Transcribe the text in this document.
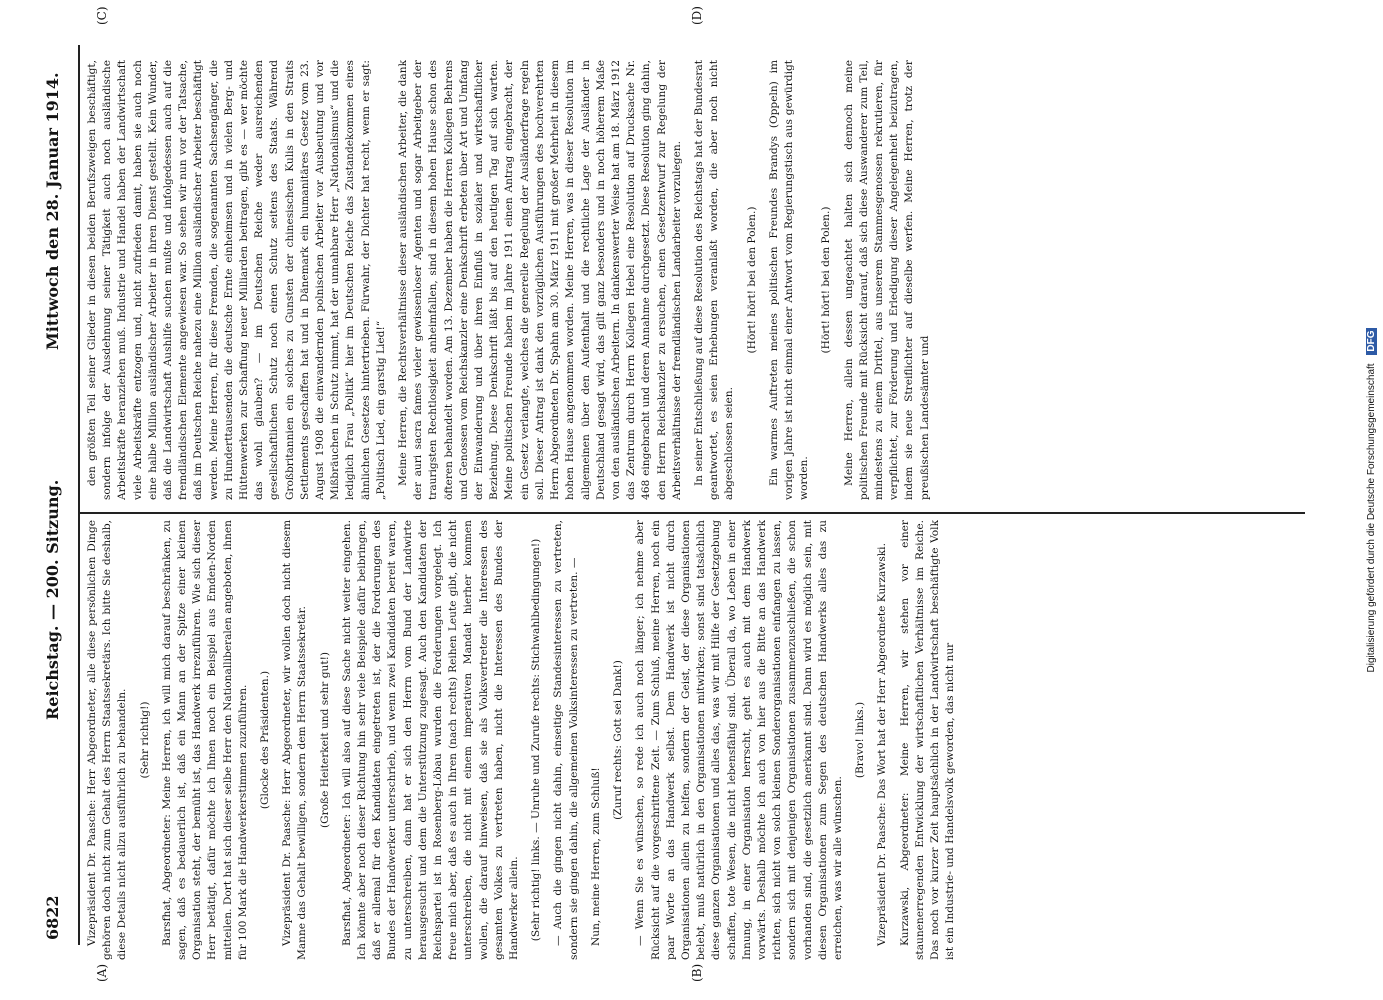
6822
Reichstag. — 200. Sitzung.
Mittwoch den 28. Januar 1914.
(A)	(B)
(C)	(D)

Vizepräsident Dr. Paasche: Herr Abgeordneter, alle diese persönlichen Dinge gehören doch nicht zum Gehalt des Herrn Staatssekretärs. Ich bitte Sie deshalb, diese Details nicht allzu ausführlich zu behandeln. (Sehr richtig!) Barsfhat, Abgeordneter: Meine Herren, ich will mich darauf beschränken, zu sagen, daß es bedauerlich ist, daß ein Mann an der Spitze einer kleinen Organisation steht, der bemüht ist, das Handwerk irrezuführen. Wie sich dieser Herr betätigt, dafür möchte ich Ihnen noch ein Beispiel aus Emden-Norden mitteilen. Dort hat sich dieser selbe Herr den Nationalliberalen angeboten, ihnen für 100 Mark die Handwerkerstimmen zuzuführen. (Glocke des Präsidenten.) Vizepräsident Dr. Paasche: Herr Abgeordneter, wir wollen doch nicht diesem Manne das Gehalt bewilligen, sondern dem Herrn Staatssekretär. (Große Heiterkeit und sehr gut!) Barsfhat, Abgeordneter: Ich will also auf diese Sache nicht weiter eingehen. Ich könnte aber noch dieser Richtung hin sehr viele Beispiele dafür beibringen, daß er allemal für den Kandidaten eingetreten ist, der die Forderungen des Bundes der Handwerker unterschrieb, und wenn zwei Kandidaten bereit waren, zu unterschreiben, dann hat er sich den Herrn vom Bund der Landwirte herausgesucht und dem die Unterstützung zugesagt. Auch den Kandidaten der Reichspartei ist in Rosenberg-Löbau wurden die Forderungen vorgelegt. Ich freue mich aber, daß es auch in Ihren (nach rechts) Reihen Leute gibt, die nicht unterschreiben, die nicht mit einem imperativen Mandat hierher kommen wollen, die darauf hinweisen, daß sie als Volksvertreter die Interessen des gesamten Volkes zu vertreten haben, nicht die Interessen des Bundes der Handwerker allein. (Sehr richtig! links. — Unruhe und Zurufe rechts: Stichwahlbedingungen!) — Auch die gingen nicht dahin, einseitige Standesinteressen zu vertreten, sondern sie gingen dahin, die allgemeinen Volksinteressen zu vertreten. — Nun, meine Herren, zum Schluß!

(Zuruf rechts: Gott sei Dank!) — Wenn Sie es wünschen, so rede ich auch noch länger; ich nehme aber Rücksicht auf die vorgeschrittene Zeit. — Zum Schluß, meine Herren, noch ein paar Worte an das Handwerk selbst. Dem Handwerk ist nicht durch Organisationen allein zu helfen, sondern der Geist, der diese Organisationen belebt, muß natürlich in den Organisationen mitwirken; sonst sind tatsächlich diese ganzen Organisationen und alles das, was wir mit Hilfe der Gesetzgebung schaffen, tote Wesen, die nicht lebensfähig sind. Überall da, wo Leben in einer Innung, in einer Organisation herrscht, geht es auch mit dem Handwerk vorwärts. Deshalb möchte ich auch von hier aus die Bitte an das Handwerk richten, sich nicht von solch kleinen Sonderorganisationen einfangen zu lassen, sondern sich mit denjenigen Organisationen zusammenzuschließen, die schon vorhanden sind, die gesetzlich anerkannt sind. Dann wird es möglich sein, mit diesen Organisationen zum Segen des deutschen Handwerks alles das zu erreichen, was wir alle wünschen.

(Bravo! links.) Vizepräsident Dr. Paasche: Das Wort hat der Herr Abgeordnete Kurzawski. Kurzawski, Abgeordneter: Meine Herren, wir stehen vor einer staunenerregenden Entwicklung der wirtschaftlichen Verhältnisse im Reiche. Das noch vor kurzer Zeit hauptsächlich in der Landwirtschaft beschäftigte Volk ist ein Industrie- und Handelsvolk geworden, das nicht nur

den größten Teil seiner Glieder in diesen beiden Berufszweigen beschäftigt, sondern infolge der Ausdehnung seiner Tätigkeit auch noch ausländische Arbeitskräfte heranziehen muß. Industrie und Handel haben der Landwirtschaft viele Arbeitskräfte entzogen und, nicht zufrieden damit, haben sie auch noch eine halbe Million ausländischer Arbeiter in ihren Dienst gestellt. Kein Wunder, daß die Landwirtschaft Aushilfe suchen mußte und infolgedessen auch auf die fremdländischen Elemente angewiesen war. So sehen wir nun vor der Tatsache, daß im Deutschen Reiche nahezu eine Million ausländischer Arbeiter beschäftigt werden. Meine Herren, für diese Fremden, die sogenannten Sachsengänger, die zu Hunderttausenden die deutsche Ernte einheimsen und in vielen Berg- und Hüttenwerken zur Schaffung neuer Milliarden beitragen, gibt es — wer möchte das wohl glauben? — im Deutschen Reiche weder ausreichenden gesellschaftlichen Schutz noch einen Schutz seitens des Staats. Während Großbritannien ein solches zu Gunsten der chinesischen Kulis in den Straits Settlements geschaffen hat und in Dänemark ein humanitäres Gesetz vom 23. August 1908 die einwandernden polnischen Arbeiter vor Ausbeutung und vor Mißbräuchen in Schutz nimmt, hat der unnahbare Herr „Nationalismus“ und die lediglich Frau „Politik“ hier im Deutschen Reiche das Zustandekommen eines ähnlichen Gesetzes hintertrieben. Fürwahr, der Dichter hat recht, wenn er sagt: „Politisch Lied, ein garstig Lied!“ Meine Herren, die Rechtsverhältnisse dieser ausländischen Arbeiter, die dank der auri sacra fames vieler gewissenloser Agenten und sogar Arbeitgeber der traurigsten Rechtlosigkeit anheimfallen, sind in diesem hohen Hause schon des öfteren behandelt worden. Am 13. Dezember haben die Herren Kollegen Behrens und Genossen vom Reichskanzler eine Denkschrift erbeten über Art und Umfang der Einwanderung und über ihren Einfluß in sozialer und wirtschaftlicher Beziehung. Diese Denkschrift läßt bis auf den heutigen Tag auf sich warten. Meine politischen Freunde haben im Jahre 1911 einen Antrag eingebracht, der ein Gesetz verlangte, welches die generelle Regelung der Ausländerfrage regeln soll. Dieser Antrag ist dank den vorzüglichen Ausführungen des hochverehrten Herrn Abgeordneten Dr. Spahn am 30. März 1911 mit großer Mehrheit in diesem hohen Hause angenommen worden. Meine Herren, was in dieser Resolution im allgemeinen über den Aufenthalt und die rechtliche Lage der Ausländer in Deutschland gesagt wird, das gilt ganz besonders und in noch höherem Maße von den ausländischen Arbeitern. In dankenswerter Weise hat am 18. März 1912 das Zentrum durch Herrn Kollegen Hebel eine Resolution auf Drucksache Nr. 468 eingebracht und deren Annahme durchgesetzt. Diese Resolution ging dahin, den Herrn Reichskanzler zu ersuchen, einen Gesetzentwurf zur Regelung der Arbeitsverhältnisse der fremdländischen Landarbeiter vorzulegen. In seiner Entschließung auf diese Resolution des Reichstags hat der Bundesrat geantwortet, es seien Erhebungen veranlaßt worden, die aber noch nicht abgeschlossen seien.

(Hört! hört! bei den Polen.) Ein warmes Auftreten meines politischen Freundes Brandys (Oppeln) im vorigen Jahre ist nicht einmal einer Antwort vom Regierungstisch aus gewürdigt worden.

(Hört! hört! bei den Polen.) Meine Herren, allein dessen ungeachtet halten sich dennoch meine politischen Freunde mit Rücksicht darauf, daß sich diese Auswanderer zum Teil, mindestens zu einem Drittel, aus unserem Stammesgenossen rekrutieren, für verpflichtet, zur Förderung und Erledigung dieser Angelegenheit beizutragen, indem sie neue Streiflichter auf dieselbe werfen. Meine Herren, trotz der preußischen Landesämter und	Digitalisierung gefördert durch die Deutsche Forschungsgemeinschaft DFG
